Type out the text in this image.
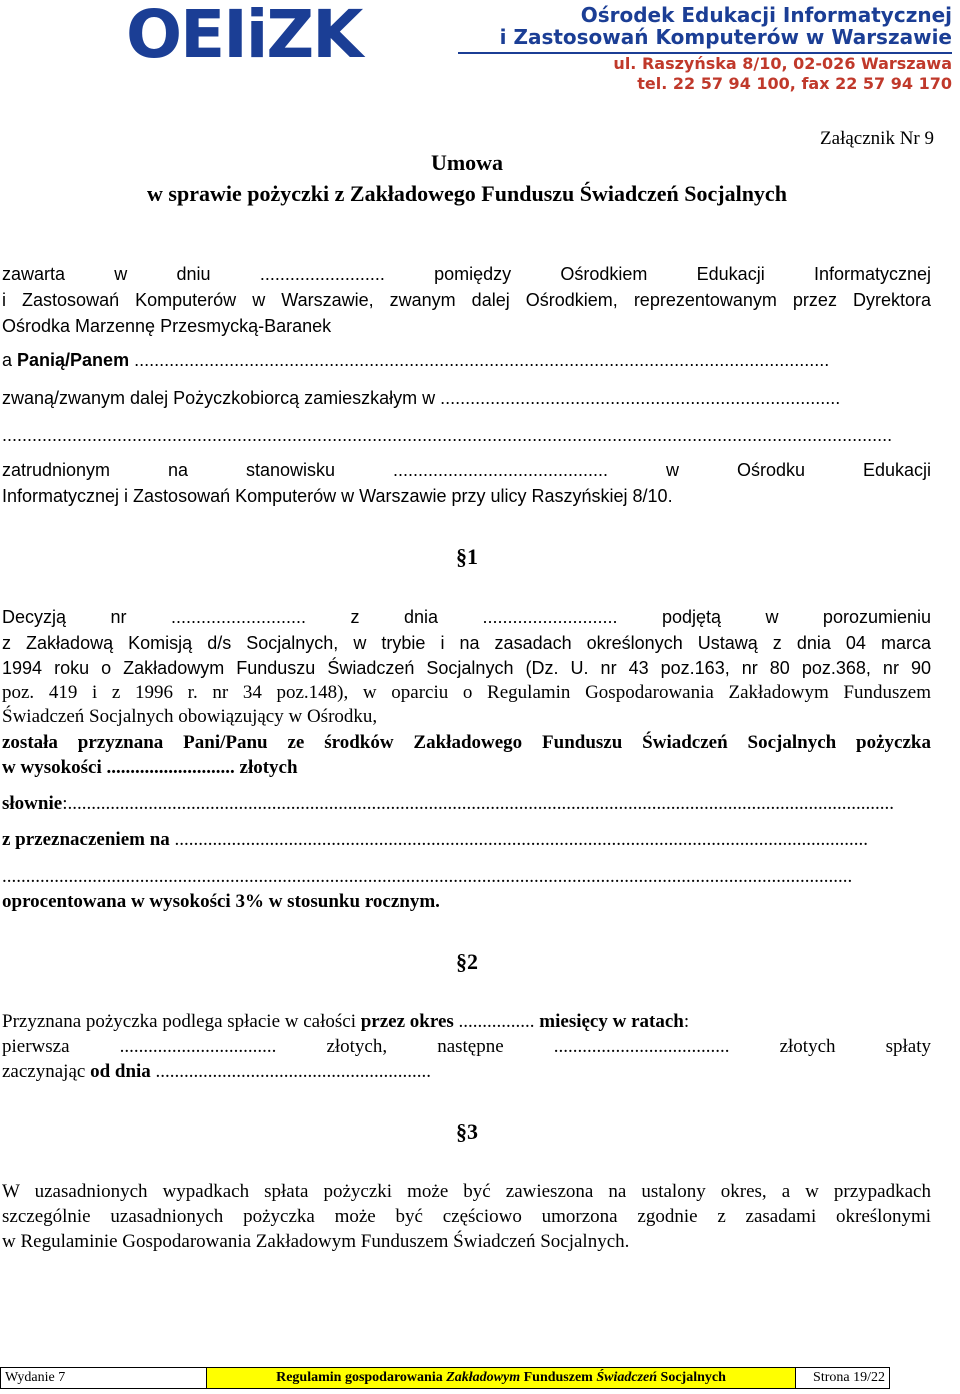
OEIiZK	Ośrodek Edukacji Informatycznej
i Zastosowań Komputerów w Warszawie
ul. Raszyńska 8/10, 02-026 Warszawa
tel. 22 57 94 100, fax 22 57 94 170
Załącznik Nr 9
Umowa
w sprawie pożyczki z Zakładowego Funduszu Świadczeń Socjalnych
zawarta w dniu ......................... pomiędzy Ośrodkiem Edukacji Informatycznej
i Zastosowań Komputerów w Warszawie, zwanym dalej Ośrodkiem, reprezentowanym przez Dyrektora
Ośrodka Marzennę Przesmycką-Baranek
a Panią/Panem ...........................................................................................................................................
zwaną/zwanym dalej Pożyczkobiorcą zamieszkałym w ................................................................................
..................................................................................................................................................................................
zatrudnionym na stanowisku ........................................... w Ośrodku Edukacji
Informatycznej i Zastosowań Komputerów w Warszawie przy ulicy Raszyńskiej 8/10.
§1
Decyzją nr ........................... z dnia ........................... podjętą w porozumieniu
z Zakładową Komisją d/s Socjalnych, w trybie i na zasadach określonych Ustawą z dnia 04 marca
1994 roku o Zakładowym Funduszu Świadczeń Socjalnych (Dz. U. nr 43 poz.163, nr 80 poz.368, nr 90
poz. 419 i z 1996 r. nr 34 poz.148), w oparciu o Regulamin Gospodarowania Zakładowym Funduszem
Świadczeń Socjalnych obowiązujący w Ośrodku,
została przyznana Pani/Panu ze środków Zakładowego Funduszu Świadczeń Socjalnych pożyczka
w wysokości ........................... złotych
słownie:..............................................................................................................................................................................
z przeznaczeniem na ..................................................................................................................................................
...................................................................................................................................................................................
oprocentowana w wysokości 3% w stosunku rocznym.
§2
Przyznana pożyczka podlega spłacie w całości przez okres ................ miesięcy w ratach:
pierwsza ................................. złotych, następne ..................................... złotych spłaty
zaczynając od dnia ..........................................................
§3
W uzasadnionych wypadkach spłata pożyczki może być zawieszona na ustalony okres, a w przypadkach
szczególnie uzasadnionych pożyczka może być częściowo umorzona zgodnie z zasadami określonymi
w Regulaminie Gospodarowania Zakładowym Funduszem Świadczeń Socjalnych.
Wydanie 7	Regulamin gospodarowania Zakładowym Funduszem Świadczeń Socjalnych	Strona 19/22
